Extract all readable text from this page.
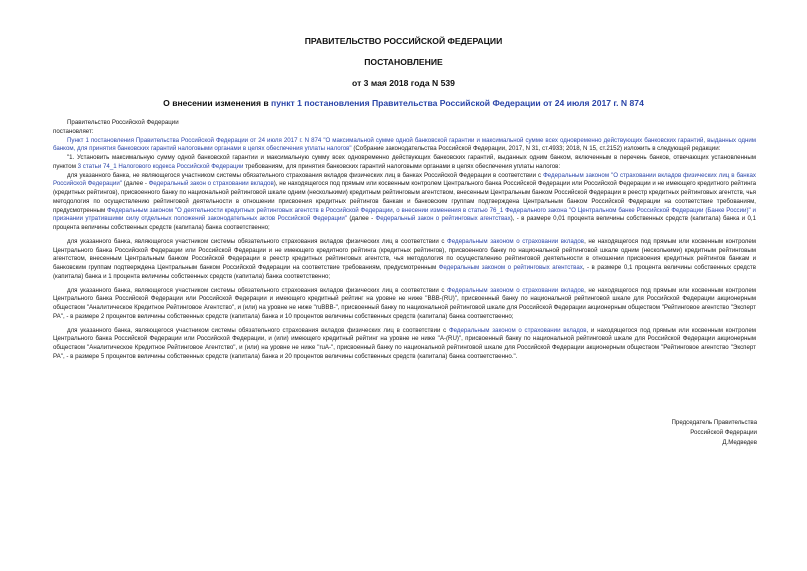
ПРАВИТЕЛЬСТВО РОССИЙСКОЙ ФЕДЕРАЦИИ
ПОСТАНОВЛЕНИЕ
от 3 мая 2018 года N 539
О внесении изменения в пункт 1 постановления Правительства Российской Федерации от 24 июля 2017 г. N 874

Правительство Российской Федерации

постановляет:

Пункт 1 постановления Правительства Российской Федерации от 24 июля 2017 г. N 874 "О максимальной сумме одной банковской гарантии и максимальной сумме всех одновременно действующих банковских гарантий, выданных одним банком, для принятия банковских гарантий налоговыми органами в целях обеспечения уплаты налогов" (Собрание законодательства Российской Федерации, 2017, N 31, ст.4933; 2018, N 15, ст.2152) изложить в следующей редакции:

"1. Установить максимальную сумму одной банковской гарантии и максимальную сумму всех одновременно действующих банковских гарантий, выданных одним банком, включенным в перечень банков, отвечающих установленным пунктом 3 статьи 74_1 Налогового кодекса Российской Федерации требованиям, для принятия банковских гарантий налоговыми органами в целях обеспечения уплаты налогов:

для указанного банка, не являющегося участником системы обязательного страхования вкладов физических лиц в банках Российской Федерации в соответствии с Федеральным законом "О страховании вкладов физических лиц в банках Российской Федерации" (далее - Федеральный закон о страховании вкладов), не находящегося под прямым или косвенным контролем Центрального банка Российской Федерации или Российской Федерации и не имеющего кредитного рейтинга (кредитных рейтингов), присвоенного банку по национальной рейтинговой шкале одним (несколькими) кредитным рейтинговым агентством, внесенным Центральным банком Российской Федерации в реестр кредитных рейтинговых агентств, чья методология по осуществлению рейтинговой деятельности в отношении присвоения кредитных рейтингов банкам и банковским группам подтверждена Центральным банком Российской Федерации на соответствие требованиям, предусмотренным Федеральным законом "О деятельности кредитных рейтинговых агентств в Российской Федерации, о внесении изменения в статью 76_1 Федерального закона "О Центральном банке Российской Федерации (Банке России)" и признании утратившими силу отдельных положений законодательных актов Российской Федерации" (далее - Федеральный закон о рейтинговых агентствах), - в размере 0,01 процента величины собственных средств (капитала) банка и 0,1 процента величины собственных средств (капитала) банка соответственно;

для указанного банка, являющегося участником системы обязательного страхования вкладов физических лиц в соответствии с Федеральным законом о страховании вкладов, не находящегося под прямым или косвенным контролем Центрального банка Российской Федерации или Российской Федерации и не имеющего кредитного рейтинга (кредитных рейтингов), присвоенного банку по национальной рейтинговой шкале одним (несколькими) кредитным рейтинговым агентством, внесенным Центральным банком Российской Федерации в реестр кредитных рейтинговых агентств, чья методология по осуществлению рейтинговой деятельности в отношении присвоения кредитных рейтингов банкам и банковским группам подтверждена Центральным банком Российской Федерации на соответствие требованиям, предусмотренным Федеральным законом о рейтинговых агентствах, - в размере 0,1 процента величины собственных средств (капитала) банка и 1 процента величины собственных средств (капитала) банка соответственно;

для указанного банка, являющегося участником системы обязательного страхования вкладов физических лиц в соответствии с Федеральным законом о страховании вкладов, не находящегося под прямым или косвенным контролем Центрального банка Российской Федерации или Российской Федерации и имеющего кредитный рейтинг на уровне не ниже "BBB-(RU)", присвоенный банку по национальной рейтинговой шкале для Российской Федерации акционерным обществом "Аналитическое Кредитное Рейтинговое Агентство", и (или) на уровне не ниже "ruBBB-", присвоенный банку по национальной рейтинговой шкале для Российской Федерации акционерным обществом "Рейтинговое агентство "Эксперт РА", - в размере 2 процентов величины собственных средств (капитала) банка и 10 процентов величины собственных средств (капитала) банка соответственно;

для указанного банка, являющегося участником системы обязательного страхования вкладов физических лиц в соответствии с Федеральным законом о страховании вкладов, и находящегося под прямым или косвенным контролем Центрального банка Российской Федерации или Российской Федерации, и (или) имеющего кредитный рейтинг на уровне не ниже "A-(RU)", присвоенный банку по национальной рейтинговой шкале для Российской Федерации акционерным обществом "Аналитическое Кредитное Рейтинговое Агентство", и (или) на уровне не ниже "ruA-", присвоенный банку по национальной рейтинговой шкале для Российской Федерации акционерным обществом "Рейтинговое агентство "Эксперт РА", - в размере 5 процентов величины собственных средств (капитала) банка и 20 процентов величины собственных средств (капитала) банка соответственно.".

Председатель Правительства
Российской Федерации
Д.Медведев
